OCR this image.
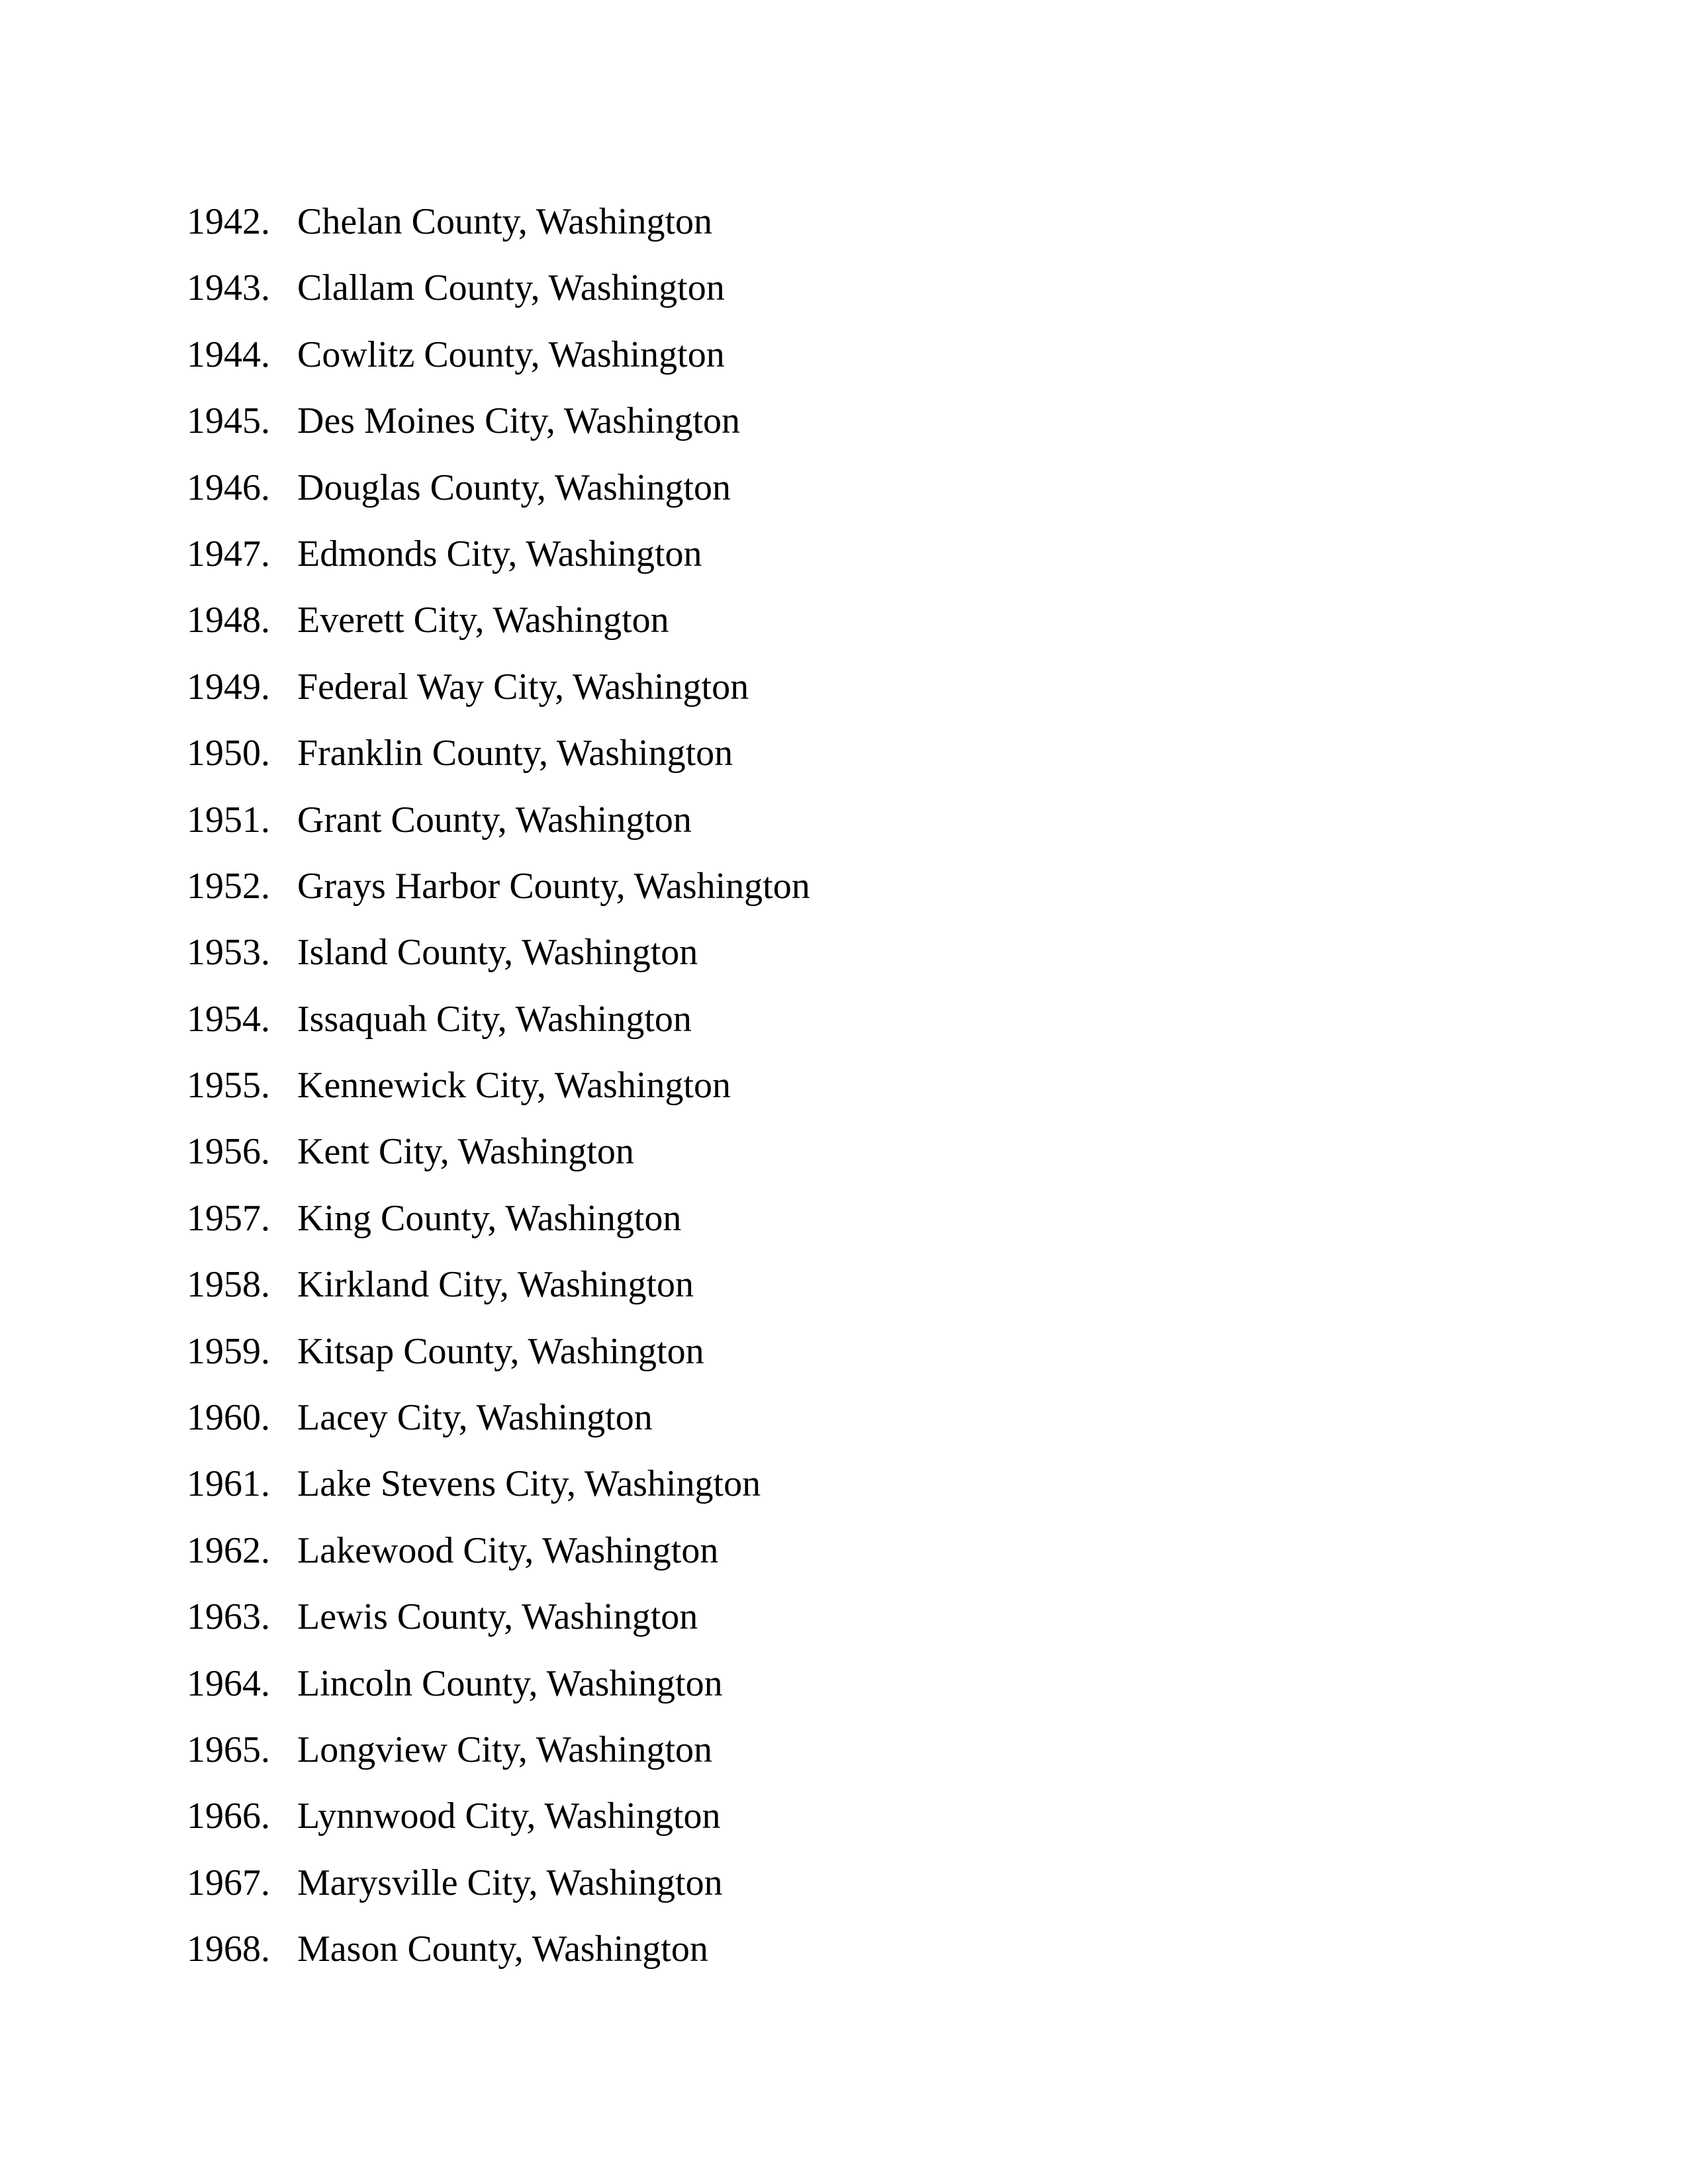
1942. Chelan County, Washington
1943. Clallam County, Washington
1944. Cowlitz County, Washington
1945. Des Moines City, Washington
1946. Douglas County, Washington
1947. Edmonds City, Washington
1948. Everett City, Washington
1949. Federal Way City, Washington
1950. Franklin County, Washington
1951. Grant County, Washington
1952. Grays Harbor County, Washington
1953. Island County, Washington
1954. Issaquah City, Washington
1955. Kennewick City, Washington
1956. Kent City, Washington
1957. King County, Washington
1958. Kirkland City, Washington
1959. Kitsap County, Washington
1960. Lacey City, Washington
1961. Lake Stevens City, Washington
1962. Lakewood City, Washington
1963. Lewis County, Washington
1964. Lincoln County, Washington
1965. Longview City, Washington
1966. Lynnwood City, Washington
1967. Marysville City, Washington
1968. Mason County, Washington
